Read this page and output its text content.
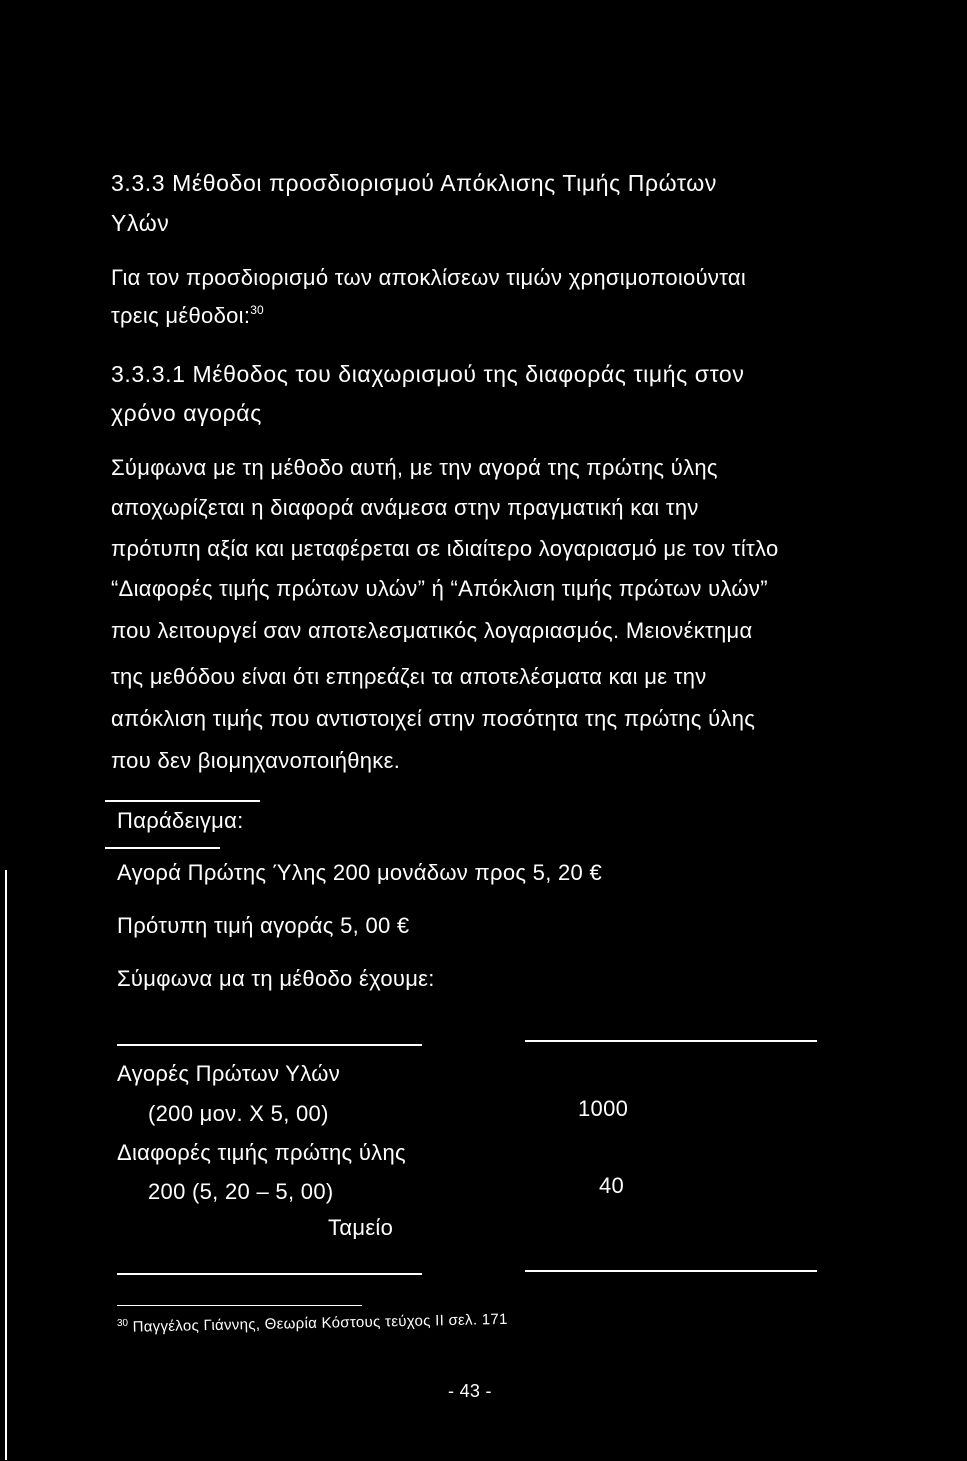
3.3.3 Μέθοδοι προσδιορισμού Απόκλισης Τιμής Πρώτων
Υλών
Για τον προσδιορισμό των αποκλίσεων τιμών χρησιμοποιούνται
τρεις μέθοδοι:$^{30}$
3.3.3.1 Μέθοδος του διαχωρισμού της διαφοράς τιμής στον
χρόνο αγοράς
Σύμφωνα με τη μέθοδο αυτή, με την αγορά της πρώτης ύλης
αποχωρίζεται η διαφορά ανάμεσα στην πραγματική και την
πρότυπη αξία και μεταφέρεται σε ιδιαίτερο λογαριασμό με τον τίτλο
“Διαφορές τιμής πρώτων υλών” ή “Απόκλιση τιμής πρώτων υλών”
που λειτουργεί σαν αποτελεσματικός λογαριασμός. Μειονέκτημα
της μεθόδου είναι ότι επηρεάζει τα αποτελέσματα και με την
απόκλιση τιμής που αντιστοιχεί στην ποσότητα της πρώτης ύλης
που δεν βιομηχανοποιήθηκε.
Παράδειγμα:
Αγορά Πρώτης Ύλης 200 μονάδων προς 5, 20 €
Πρότυπη τιμή αγοράς 5, 00 €
Σύμφωνα μα τη μέθοδο έχουμε:
Αγορές Πρώτων Υλών
(200 μον. Χ 5, 00)	1000
Διαφορές τιμής πρώτης ύλης
200 (5, 20 – 5, 00)	40
Ταμείο
$^{30}$ Παγγέλος Γιάννης, Θεωρία Κόστους τεύχος ΙΙ σελ. 171
- 43 -
